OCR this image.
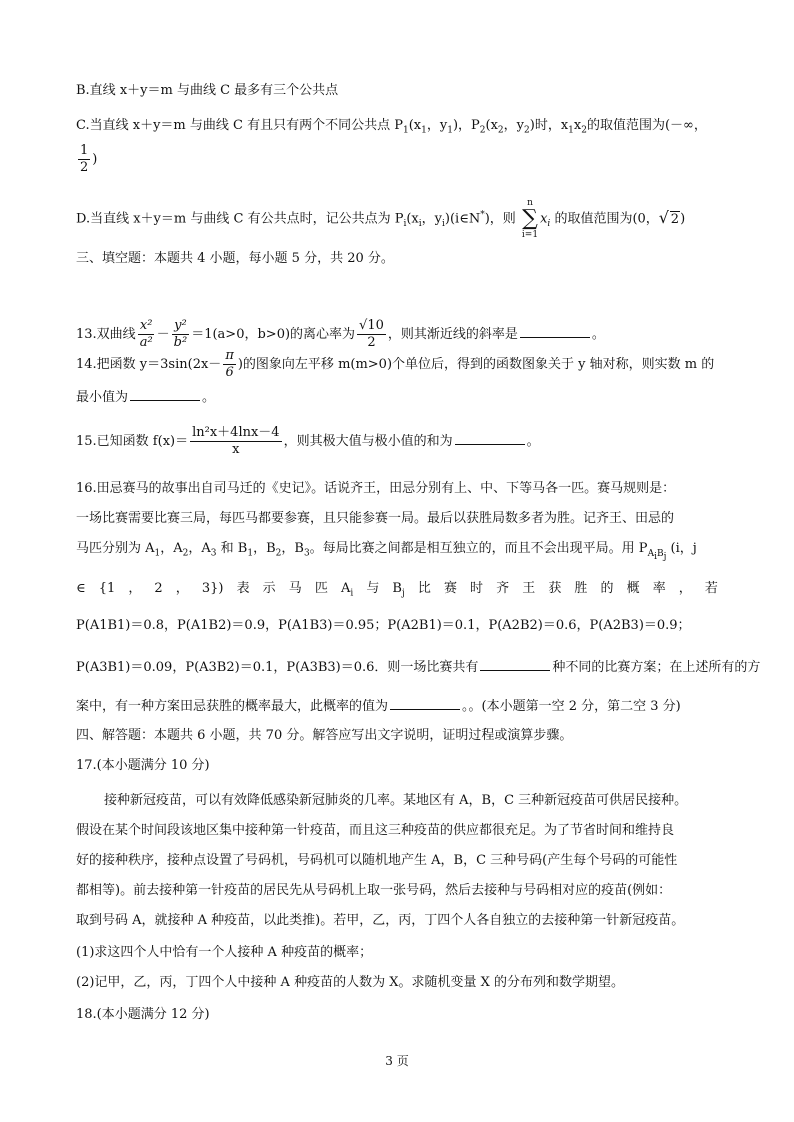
B.直线 x＋y＝m 与曲线 C 最多有三个公共点
C.当直线 x＋y＝m 与曲线 C 有且只有两个不同公共点 $P_1(x_1$，$y_1$)，$P_2(x_2$，$y_2$)时，$x_1x_2$的取值范围为(－∞，
$\frac{1}{2}$ )
D.当直线 x＋y＝m 与曲线 C 有公共点时，记公共点为 $P_i(x_i$，$y_i)(i\in N^*)$，则
n
∑
i=1
$x_i$ 的取值范围为(0， √ 2)
三、填空题：本题共 4 小题，每小题 5 分，共 20 分。
13.双曲线 $\frac{\text{x²}}{\text{a²}} - \frac{\text{y²}}{\text{b²}} =1(a>0$，b>0)的离心率为 $\frac{√10}{2}$ ，则其渐近线的斜率是	。
14.把函数 $y=3\sin(2x- \frac{\pi}{6}$ )的图象向左平移 m(m>0)个单位后，得到的函数图象关于 y 轴对称，则实数 m 的
最小值为	。
15.已知函数 $f(x)= \frac{\text{ln²x＋4lnx－4}}{x}$ ，则其极大值与极小值的和为	。
16.田忌赛马的故事出自司马迁的《史记》。话说齐王，田忌分别有上、中、下等马各一匹。赛马规则是：
一场比赛需要比赛三局，每匹马都要参赛，且只能参赛一局。最后以获胜局数多者为胜。记齐王、田忌的
马匹分别为 $A_1$，$A_2$，$A_3$ 和 $B_1$，$B_2$，$B_3$。每局比赛之间都是相互独立的，而且不会出现平局。用 $P_{A_iB_j}$ (i，j
∈ {1 ， 2 ， 3}) 表 示 马 匹 $A_i$ 与 $B_j$ 比 赛 时 齐 王 获 胜 的 概 率 ， 若
P(A1B1)＝0.8，P(A1B2)＝0.9，P(A1B3)＝0.95；P(A2B1)＝0.1，P(A2B2)＝0.6，P(A2B3)＝0.9；
P(A3B1)＝0.09，P(A3B2)＝0.1，P(A3B3)＝0.6．则一场比赛共有	种不同的比赛方案；在上述所有的方
案中，有一种方案田忌获胜的概率最大，此概率的值为	。。(本小题第一空 2 分，第二空 3 分)
四、解答题：本题共 6 小题，共 70 分。解答应写出文字说明，证明过程或演算步骤。
17.(本小题满分 10 分)
接种新冠疫苗，可以有效降低感染新冠肺炎的几率。某地区有 A，B，C 三种新冠疫苗可供居民接种。
假设在某个时间段该地区集中接种第一针疫苗，而且这三种疫苗的供应都很充足。为了节省时间和维持良
好的接种秩序，接种点设置了号码机，号码机可以随机地产生 A，B，C 三种号码(产生每个号码的可能性
都相等)。前去接种第一针疫苗的居民先从号码机上取一张号码，然后去接种与号码相对应的疫苗(例如：
取到号码 A，就接种 A 种疫苗，以此类推)。若甲，乙，丙，丁四个人各自独立的去接种第一针新冠疫苗。
(1)求这四个人中恰有一个人接种 A 种疫苗的概率；
(2)记甲，乙，丙，丁四个人中接种 A 种疫苗的人数为 X。求随机变量 X 的分布列和数学期望。
18.(本小题满分 12 分)
3 页
